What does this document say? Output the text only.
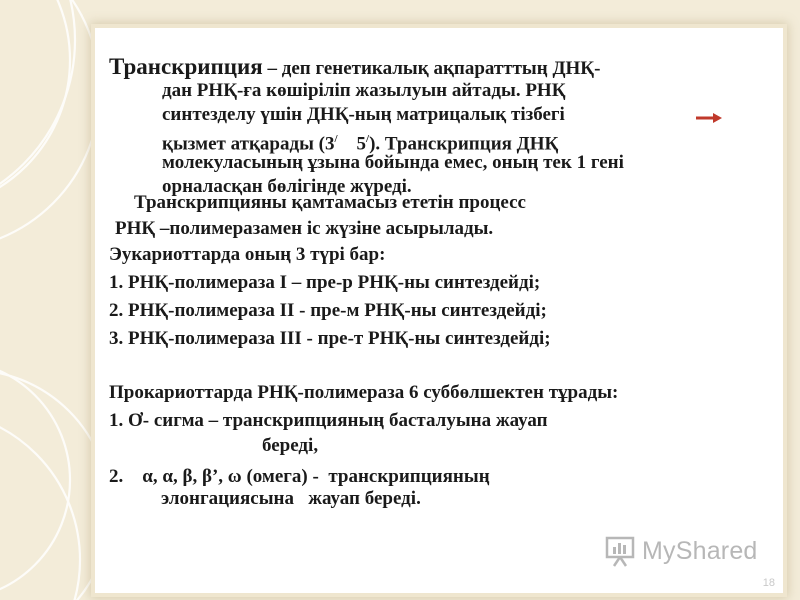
Транскрипция – деп генетикалық ақпаратттың ДНҚ-
дан РНҚ-ға көшіріліп жазылуын айтады. РНҚ
синтезделу үшін ДНҚ-ның матрицалық тізбегі
қызмет атқарады (3/    5/). Транскрипция ДНҚ
молекуласының ұзына бойында емес, оның тек 1 гені
орналасқан бөлігінде жүреді.
Транскрипцияны қамтамасыз ететін процесс
РНҚ –полимеразамен іс жүзіне асырылады.
Эукариоттарда оның 3 түрі бар:
1. РНҚ-полимераза І – пре-р РНҚ-ны синтездейді;
2. РНҚ-полимераза ІІ - пре-м РНҚ-ны синтездейді;
3. РНҚ-полимераза ІІІ - пре-т РНҚ-ны синтездейді;
Прокариоттарда РНҚ-полимераза 6 суббөлшектен тұрады:
1. Ơ- сигма – транскрипцияның басталуына жауап
береді,
2.    α, α, β, β’, ω (омега) -  транскрипцияның
элонгациясына   жауап береді.
MyShared
18
